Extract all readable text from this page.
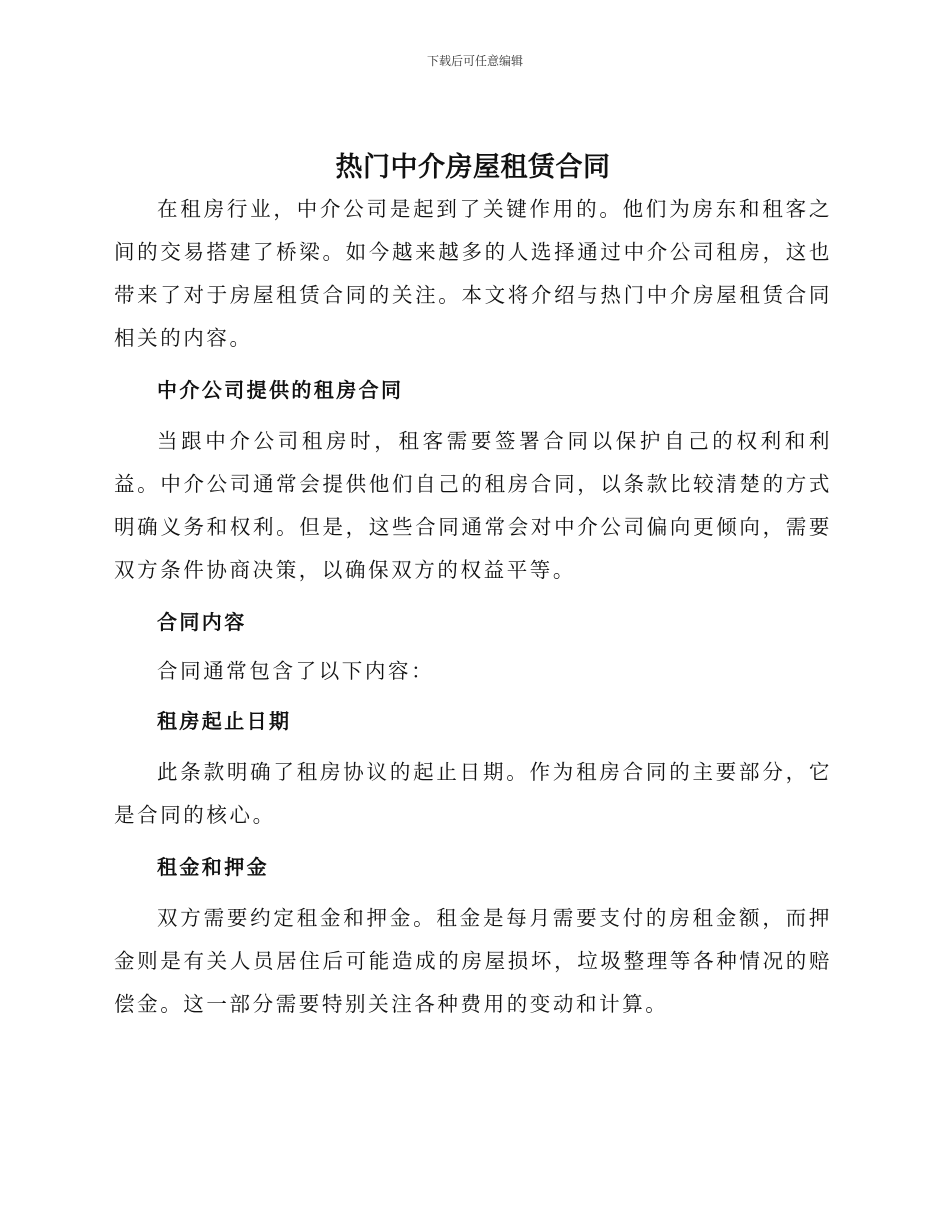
下载后可任意编辑
热门中介房屋租赁合同

在租房行业，中介公司是起到了关键作用的。他们为房东和租客之间的交易搭建了桥梁。如今越来越多的人选择通过中介公司租房，这也带来了对于房屋租赁合同的关注。本文将介绍与热门中介房屋租赁合同相关的内容。

中介公司提供的租房合同

当跟中介公司租房时，租客需要签署合同以保护自己的权利和利益。中介公司通常会提供他们自己的租房合同，以条款比较清楚的方式明确义务和权利。但是，这些合同通常会对中介公司偏向更倾向，需要双方条件协商决策，以确保双方的权益平等。

合同内容

合同通常包含了以下内容：

租房起止日期

此条款明确了租房协议的起止日期。作为租房合同的主要部分，它是合同的核心。

租金和押金

双方需要约定租金和押金。租金是每月需要支付的房租金额，而押金则是有关人员居住后可能造成的房屋损坏，垃圾整理等各种情况的赔偿金。这一部分需要特别关注各种费用的变动和计算。
